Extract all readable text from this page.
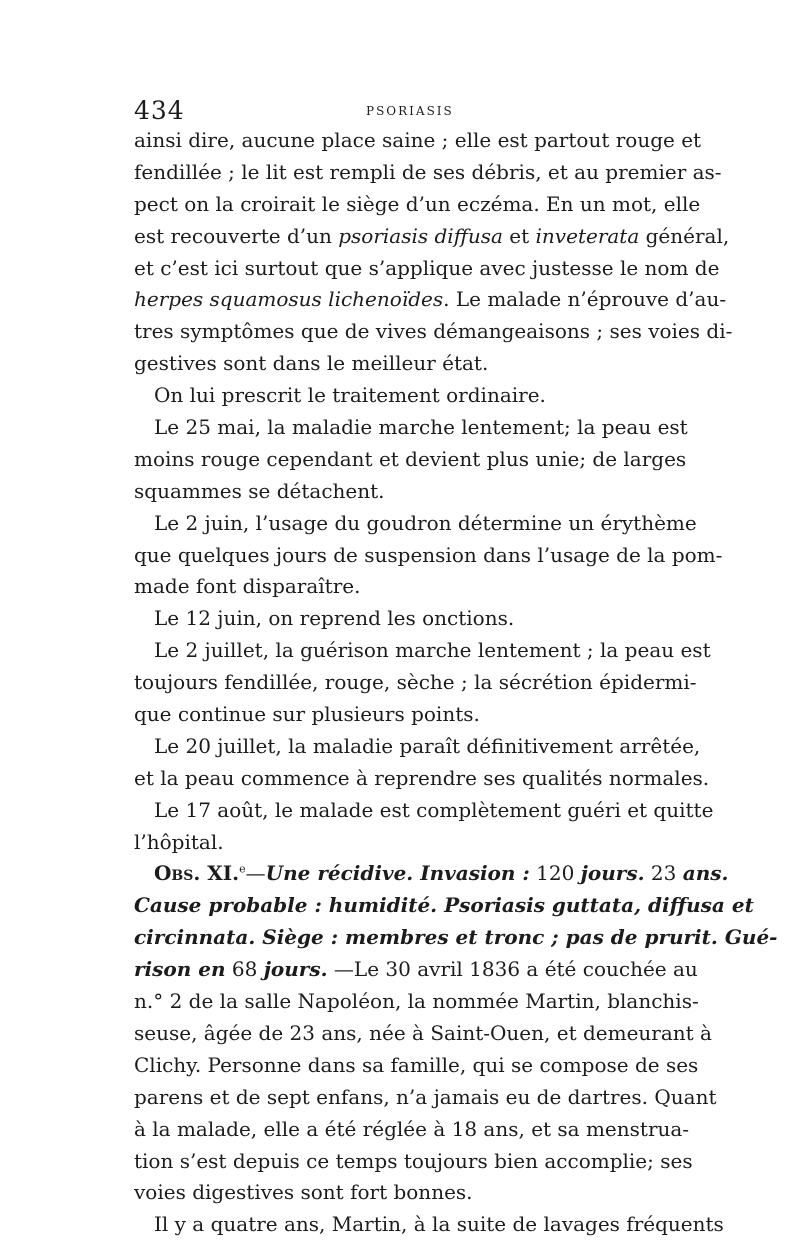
434	PSORIASIS
ainsi dire, aucune place saine ; elle est partout rouge et
fendillée ; le lit est rempli de ses débris, et au premier as-
pect on la croirait le siège d’un eczéma. En un mot, elle
est recouverte d’un psoriasis diffusa et inveterata général,
et c’est ici surtout que s’applique avec justesse le nom de
herpes squamosus lichenoïdes. Le malade n’éprouve d’au-
tres symptômes que de vives démangeaisons ; ses voies di-
gestives sont dans le meilleur état.
On lui prescrit le traitement ordinaire.
Le 25 mai, la maladie marche lentement; la peau est
moins rouge cependant et devient plus unie; de larges
squammes se détachent.
Le 2 juin, l’usage du goudron détermine un érythème
que quelques jours de suspension dans l’usage de la pom-
made font disparaître.
Le 12 juin, on reprend les onctions.
Le 2 juillet, la guérison marche lentement ; la peau est
toujours fendillée, rouge, sèche ; la sécrétion épidermi-
que continue sur plusieurs points.
Le 20 juillet, la maladie paraît définitivement arrêtée,
et la peau commence à reprendre ses qualités normales.
Le 17 août, le malade est complètement guéri et quitte
l’hôpital.
Obs. XI.$^e$—Une récidive. Invasion : 120 jours. 23 ans.
Cause probable : humidité. Psoriasis guttata, diffusa et
circinnata. Siège : membres et tronc ; pas de prurit. Gué-
rison en 68 jours. —Le 30 avril 1836 a été couchée au
n.° 2 de la salle Napoléon, la nommée Martin, blanchis-
seuse, âgée de 23 ans, née à Saint-Ouen, et demeurant à
Clichy. Personne dans sa famille, qui se compose de ses
parens et de sept enfans, n’a jamais eu de dartres. Quant
à la malade, elle a été réglée à 18 ans, et sa menstrua-
tion s’est depuis ce temps toujours bien accomplie; ses
voies digestives sont fort bonnes.
Il y a quatre ans, Martin, à la suite de lavages fréquents
